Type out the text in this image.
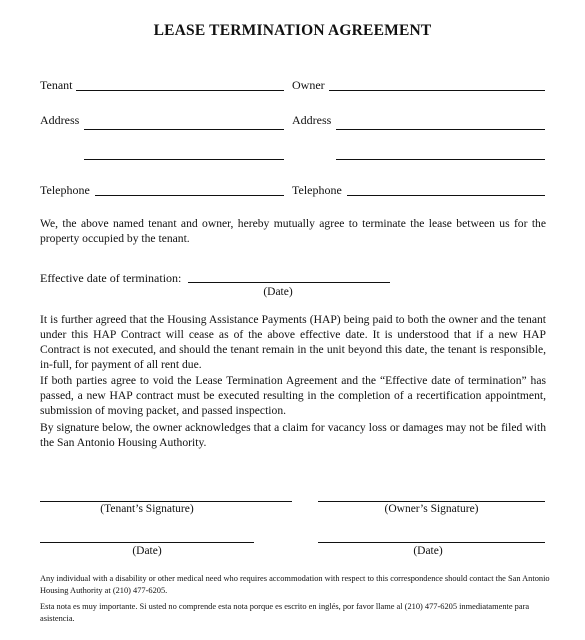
LEASE TERMINATION AGREEMENT
Tenant	Owner
Address	Address
Telephone	Telephone
We, the above named tenant and owner, hereby mutually agree to terminate the lease between us for the property occupied by the tenant.
Effective date of termination:
(Date)
It is further agreed that the Housing Assistance Payments (HAP) being paid to both the owner and the tenant under this HAP Contract will cease as of the above effective date. It is understood that if a new HAP Contract is not executed, and should the tenant remain in the unit beyond this date, the tenant is responsible, in-full, for payment of all rent due.
If both parties agree to void the Lease Termination Agreement and the “Effective date of termination” has passed, a new HAP contract must be executed resulting in the completion of a recertification appointment, submission of moving packet, and passed inspection.
By signature below, the owner acknowledges that a claim for vacancy loss or damages may not be filed with the San Antonio Housing Authority.
(Tenant’s Signature)	(Owner’s Signature)
(Date)	(Date)
Any individual with a disability or other medical need who requires accommodation with respect to this correspondence should contact the San Antonio Housing Authority at (210) 477-6205.
Esta nota es muy importante. Si usted no comprende esta nota porque es escrito en inglés, por favor llame al (210) 477-6205 inmediatamente para asistencia.
